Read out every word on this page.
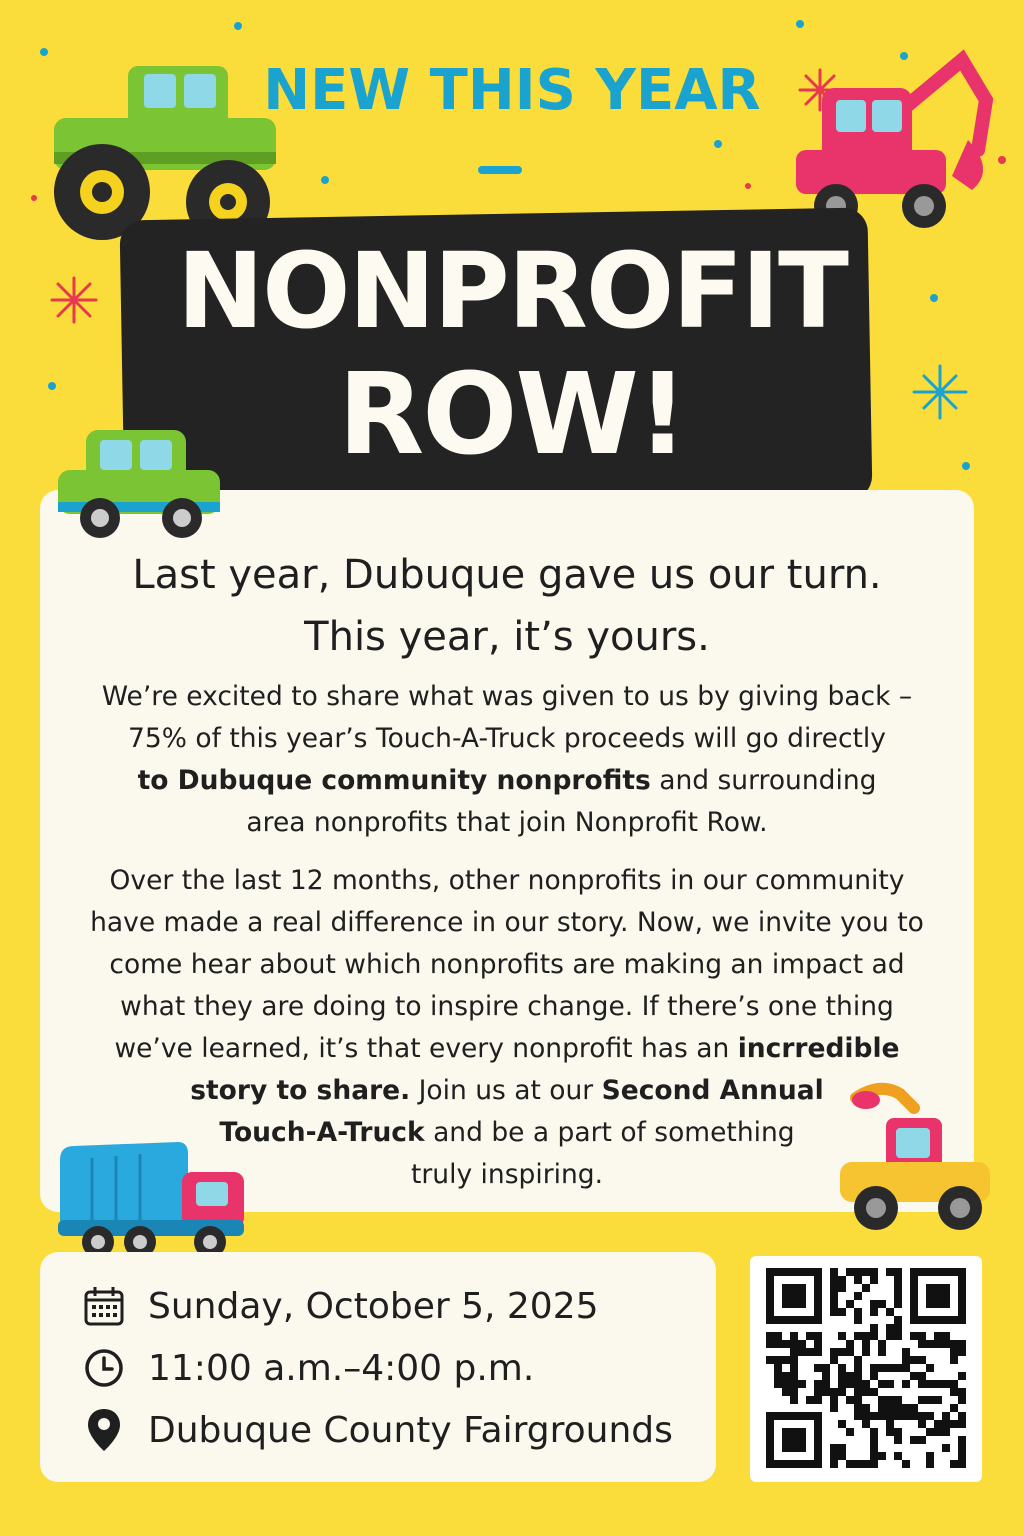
NEW THIS YEAR
NONPROFIT
ROW!
Last year, Dubuque gave us our turn.
This year, it’s yours.

We’re excited to share what was given to us by giving back –
75% of this year’s Touch-A-Truck proceeds will go directly
to Dubuque community nonprofits and surrounding
area nonprofits that join Nonprofit Row.

Over the last 12 months, other nonprofits in our community
have made a real difference in our story. Now, we invite you to
come hear about which nonprofits are making an impact ad
what they are doing to inspire change. If there’s one thing
we’ve learned, it’s that every nonprofit has an incrredible
story to share. Join us at our Second Annual
Touch-A-Truck and be a part of something
truly inspiring.

Sunday, October 5, 2025
11:00 a.m.–4:00 p.m.
Dubuque County Fairgrounds
